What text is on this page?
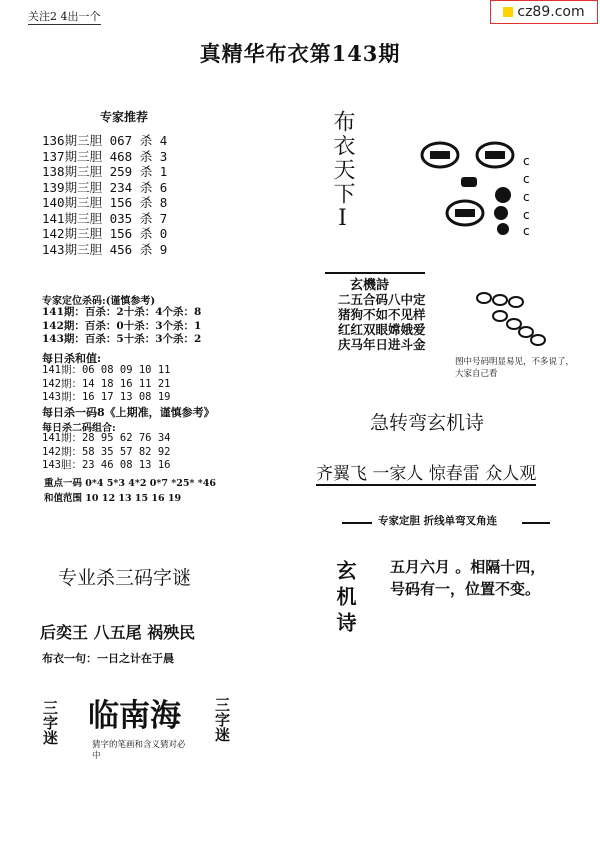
关注2 4出一个	cz89.com
真精华布衣第143期
专家推荐
136期三胆 067 杀 4
137期三胆 468 杀 3
138期三胆 259 杀 1
139期三胆 234 杀 6
140期三胆 156 杀 8
141期三胆 035 杀 7
142期三胆 156 杀 0
143期三胆 456 杀 9
专家定位杀码:(谨慎参考)
141期：百杀：2十杀：4个杀：8
142期：百杀：0十杀：3个杀：1
143期：百杀：5十杀：3个杀：2
每日杀和值:
141期：06 08 09 10 11
142期：14 18 16 11 21
143期：16 17 13 08 19
每日杀一码8《上期准，谨慎参考》
每日杀二码组合:
141期：28 95 62 76 34
142期：58 35 57 82 92
143胆：23 46 08 13 16
重点一码 0*4 5*3 4*2 0*7 *25* *46
和值范围 10 12 13 15 16 19
专业杀三码字谜
后奕王 八五尾 祸殃民
布衣一句：一日之计在于晨
三字迷 临南海 三字迷
猜字的笔画和含义猜对必中
布衣天下I	c
c
c
c
c
玄機詩
二五合码八中定
猪狗不如不见样
红红双眼嫦娥爱
庆马年日进斗金
图中号码明显易见，不多说了，大家自己看
急转弯玄机诗
齐翼飞 一家人 惊春雷 众人观
专家定胆 折线单弯叉角连
玄机诗 五月六月 。相隔十四，
号码有一，位置不变。
